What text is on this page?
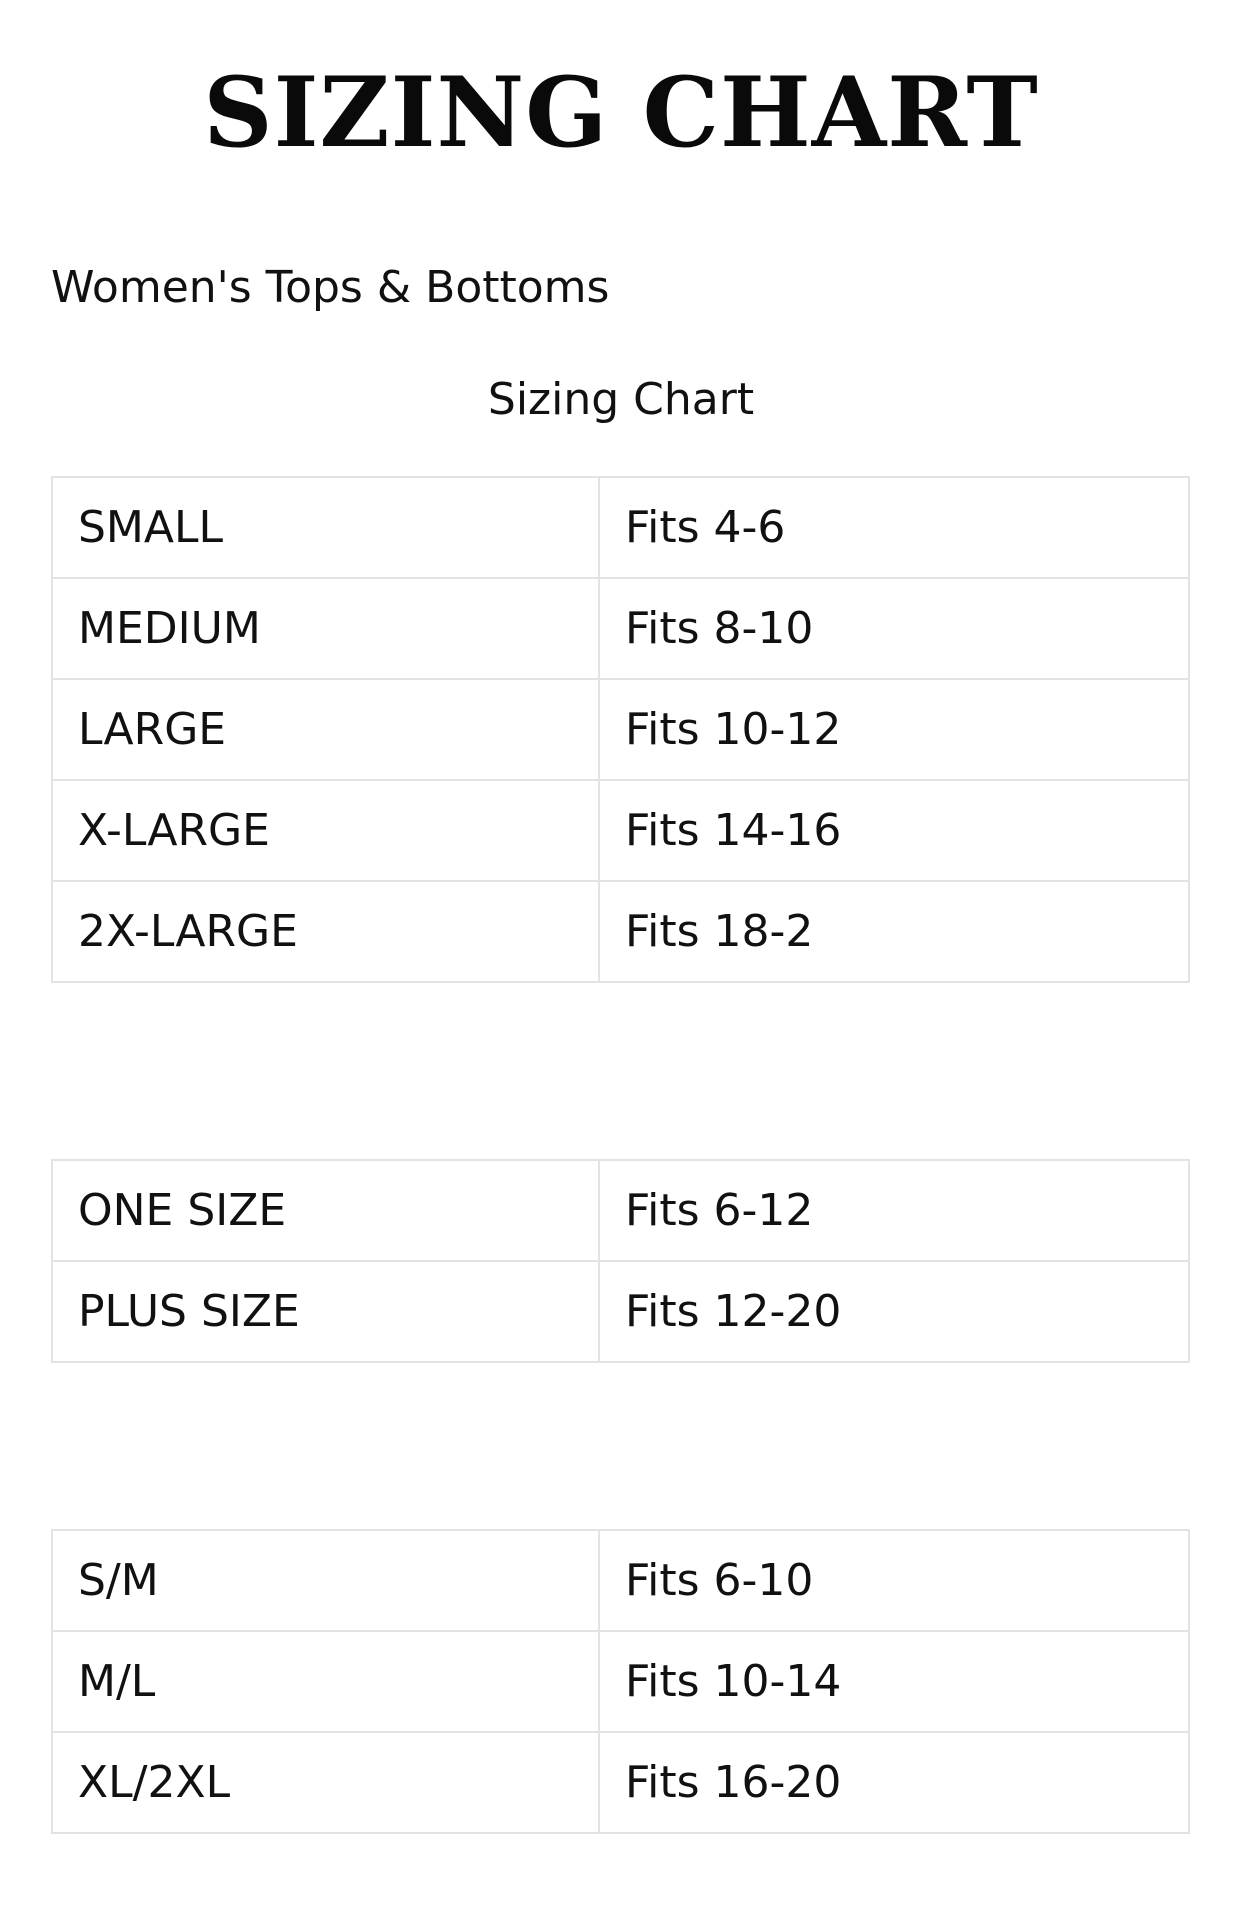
SIZING CHART
Women's Tops & Bottoms
Sizing Chart
SMALL	Fits 4-6
MEDIUM	Fits 8-10
LARGE	Fits 10-12
X-LARGE	Fits 14-16
2X-LARGE	Fits 18-2
ONE SIZE	Fits 6-12
PLUS SIZE	Fits 12-20
S/M	Fits 6-10
M/L	Fits 10-14
XL/2XL	Fits 16-20
